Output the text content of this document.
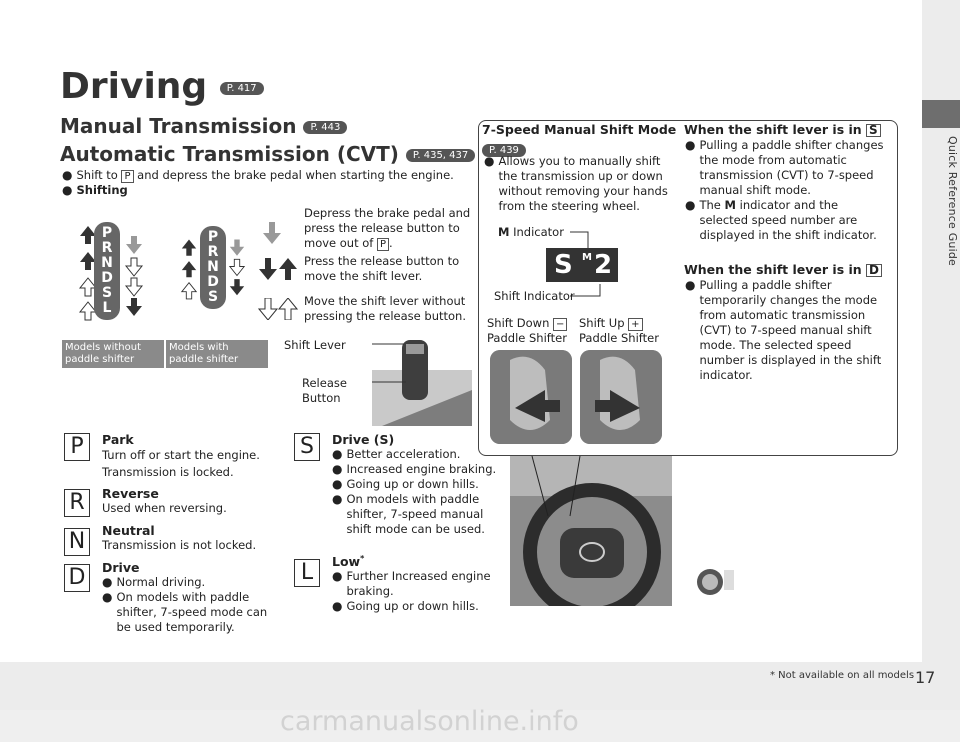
Quick Reference Guide
Driving P. 417
Manual Transmission P. 443
Automatic Transmission (CVT) P. 435, 437
● Shift to P and depress the brake pedal when starting the engine.
● Shifting
P
R
N
D
S
L
P
R
N
D
S
Models without paddle shifter
Models with paddle shifter
Depress the brake pedal and press the release button to move out of P .
Press the release button to move the shift lever.
Move the shift lever without pressing the release button.
Shift Lever
Release Button
7-Speed Manual Shift Mode
P. 439
● Allows you to manually shift the transmission up or down without removing your hands from the steering wheel.
M Indicator
S M 2
Shift Indicator
Shift Down −
Paddle Shifter
Shift Up +
Paddle Shifter
When the shift lever is in S
● Pulling a paddle shifter changes the mode from automatic transmission (CVT) to 7-speed manual shift mode.
● The M indicator and the selected speed number are displayed in the shift indicator.
When the shift lever is in D
● Pulling a paddle shifter temporarily changes the mode from automatic transmission (CVT) to 7-speed manual shift mode. The selected speed number is displayed in the shift indicator.
P	Park
Turn off or start the engine. Transmission is locked.
R	Reverse
Used when reversing.
N	Neutral
Transmission is not locked.
D	Drive
● Normal driving.
● On models with paddle shifter, 7-speed mode can be used temporarily.
S	Drive (S)
● Better acceleration.
● Increased engine braking.
● Going up or down hills.
● On models with paddle shifter, 7-speed manual shift mode can be used.
L	Low*
● Further Increased engine braking.
● Going up or down hills.
* Not available on all models 17
carmanualsonline.info
